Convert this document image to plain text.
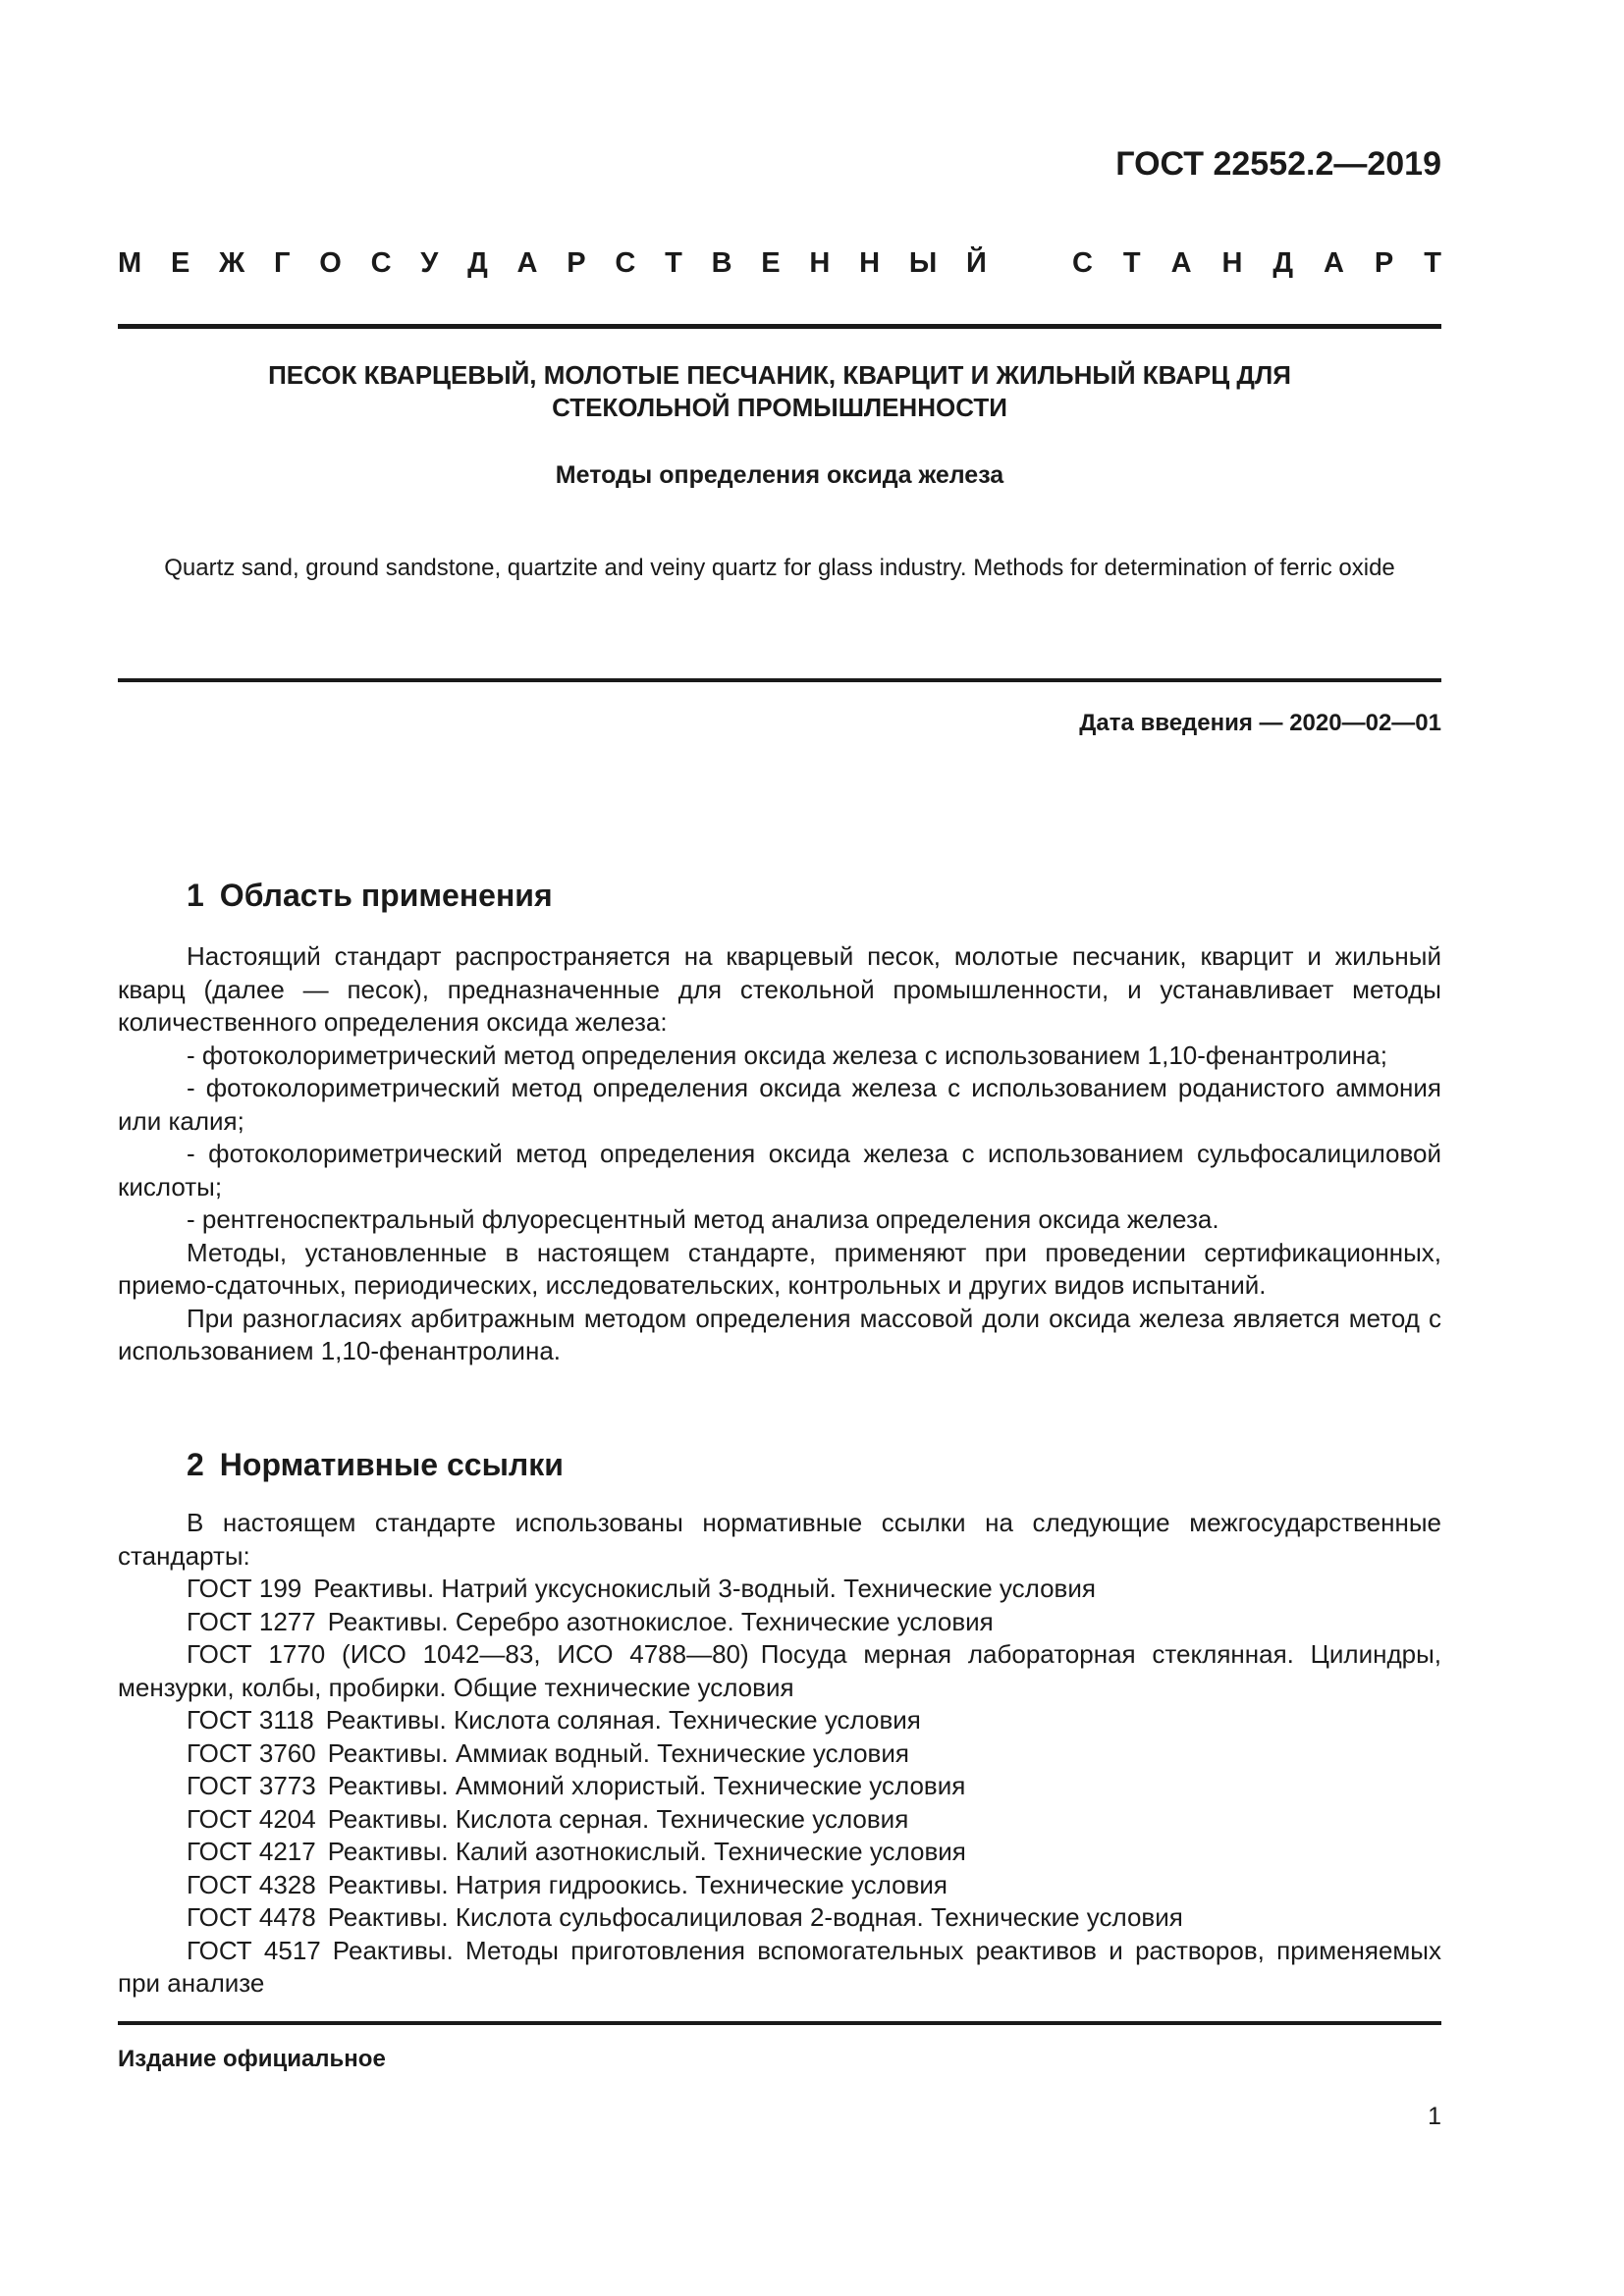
ГОСТ 22552.2—2019
М Е Ж Г О С У Д А Р С Т В Е Н Н Ы Й	С Т А Н Д А Р Т
ПЕСОК КВАРЦЕВЫЙ, МОЛОТЫЕ ПЕСЧАНИК, КВАРЦИТ И ЖИЛЬНЫЙ КВАРЦ ДЛЯ
СТЕКОЛЬНОЙ ПРОМЫШЛЕННОСТИ
Методы определения оксида железа
Quartz sand, ground sandstone, quartzite and veiny quartz for glass industry. Methods for determination of ferric oxide
Дата введения — 2020—02—01
1 Область применения

Настоящий стандарт распространяется на кварцевый песок, молотые песчаник, кварцит и жильный кварц (далее — песок), предназначенные для стекольной промышленности, и устанавливает методы количественного определения оксида железа:

- фотоколориметрический метод определения оксида железа с использованием 1,10-фенантролина;

- фотоколориметрический метод определения оксида железа с использованием роданистого аммония или калия;

- фотоколориметрический метод определения оксида железа с использованием сульфосалициловой кислоты;

- рентгеноспектральный флуоресцентный метод анализа определения оксида железа.

Методы, установленные в настоящем стандарте, применяют при проведении сертификационных, приемо-сдаточных, периодических, исследовательских, контрольных и других видов испытаний.

При разногласиях арбитражным методом определения массовой доли оксида железа является метод с использованием 1,10-фенантролина.

2 Нормативные ссылки

В настоящем стандарте использованы нормативные ссылки на следующие межгосударственные стандарты:

ГОСТ 199 Реактивы. Натрий уксуснокислый 3-водный. Технические условия

ГОСТ 1277 Реактивы. Серебро азотнокислое. Технические условия

ГОСТ 1770 (ИСО 1042—83, ИСО 4788—80) Посуда мерная лабораторная стеклянная. Цилиндры, мензурки, колбы, пробирки. Общие технические условия

ГОСТ 3118 Реактивы. Кислота соляная. Технические условия

ГОСТ 3760 Реактивы. Аммиак водный. Технические условия

ГОСТ 3773 Реактивы. Аммоний хлористый. Технические условия

ГОСТ 4204 Реактивы. Кислота серная. Технические условия

ГОСТ 4217 Реактивы. Калий азотнокислый. Технические условия

ГОСТ 4328 Реактивы. Натрия гидроокись. Технические условия

ГОСТ 4478 Реактивы. Кислота сульфосалициловая 2-водная. Технические условия

ГОСТ 4517 Реактивы. Методы приготовления вспомогательных реактивов и растворов, применяемых при анализе

Издание официальное
1
